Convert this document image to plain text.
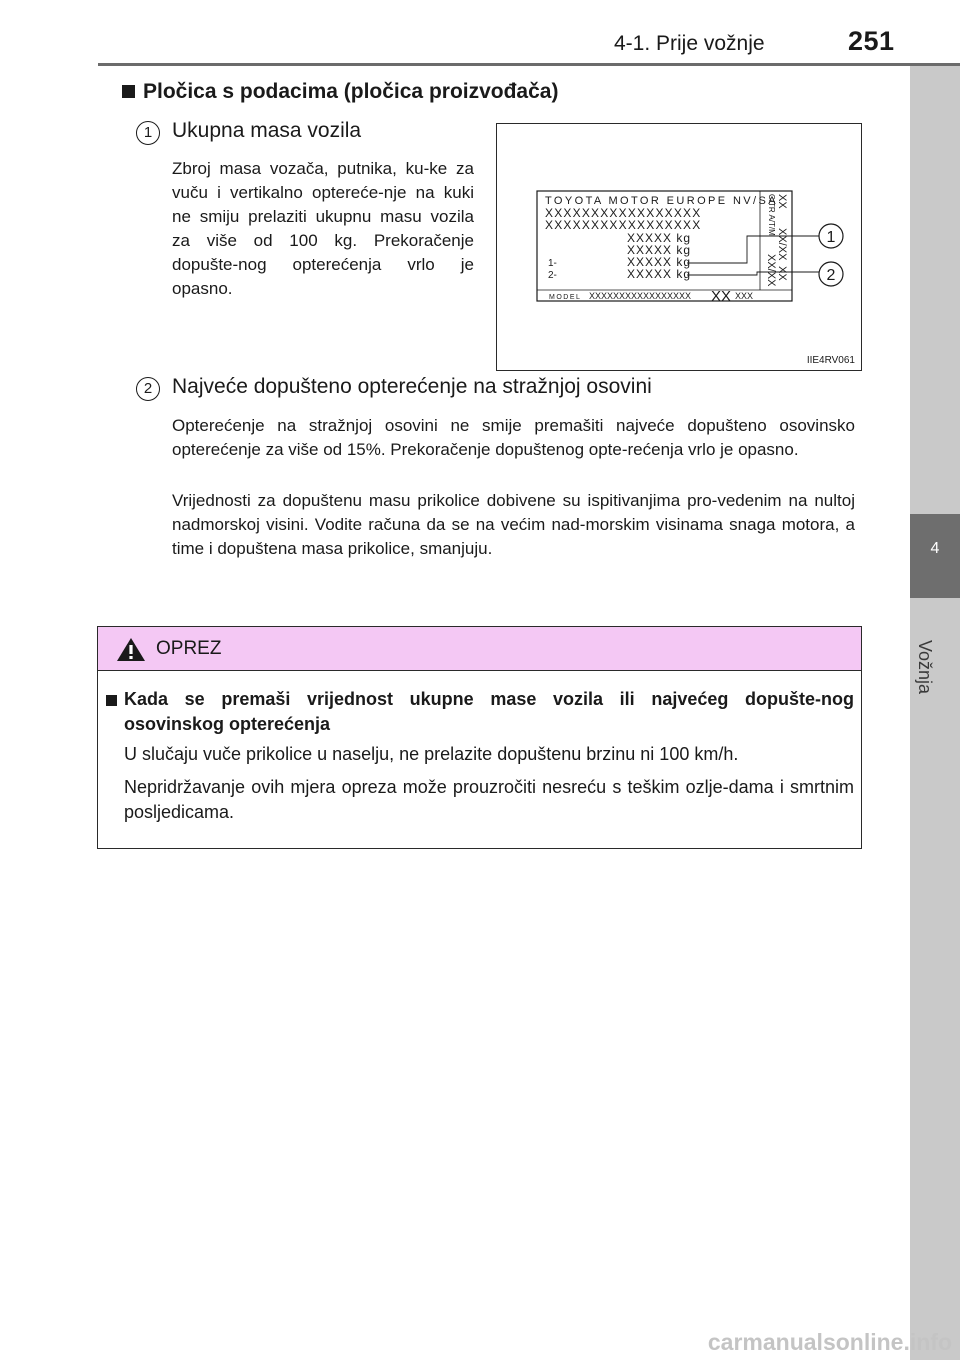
4-1. Prije vožnje	251
4
Vožnja
Pločica s podacima (pločica proizvođača)
1 Ukupna masa vozila
Zbroj masa vozača, putnika, ku-ke za vuču i vertikalno optereće-nje na kuki ne smiju prelaziti ukupnu masu vozila za više od 100 kg. Prekoračenje dopušte-nog opterećenja vrlo je opasno.
TOYOTA MOTOR EUROPE NV/SA
XXXXXXXXXXXXXXXXX
XXXXXXXXXXXXXXXXX
XXXXX kg
XXXXX kg
XXXXX kg
XXXXX kg
1-
2-
MODEL XXXXXXXXXXXXXXXXX XX XXX
C/TR A/T/M XX
XX/XX
XX/XX XX
1
2
IIE4RV061
2 Najveće dopušteno opterećenje na stražnjoj osovini
Opterećenje na stražnjoj osovini ne smije premašiti najveće dopušteno osovinsko opterećenje za više od 15%. Prekoračenje dopuštenog opte-rećenja vrlo je opasno.
Vrijednosti za dopuštenu masu prikolice dobivene su ispitivanjima pro-vedenim na nultoj nadmorskoj visini. Vodite računa da se na većim nad-morskim visinama snaga motora, a time i dopuštena masa prikolice, smanjuju.
OPREZ
Kada se premaši vrijednost ukupne mase vozila ili najvećeg dopušte-nog osovinskog opterećenja
U slučaju vuče prikolice u naselju, ne prelazite dopuštenu brzinu ni 100 km/h.
Nepridržavanje ovih mjera opreza može prouzročiti nesreću s teškim ozlje-dama i smrtnim posljedicama.
carmanualsonline.info
